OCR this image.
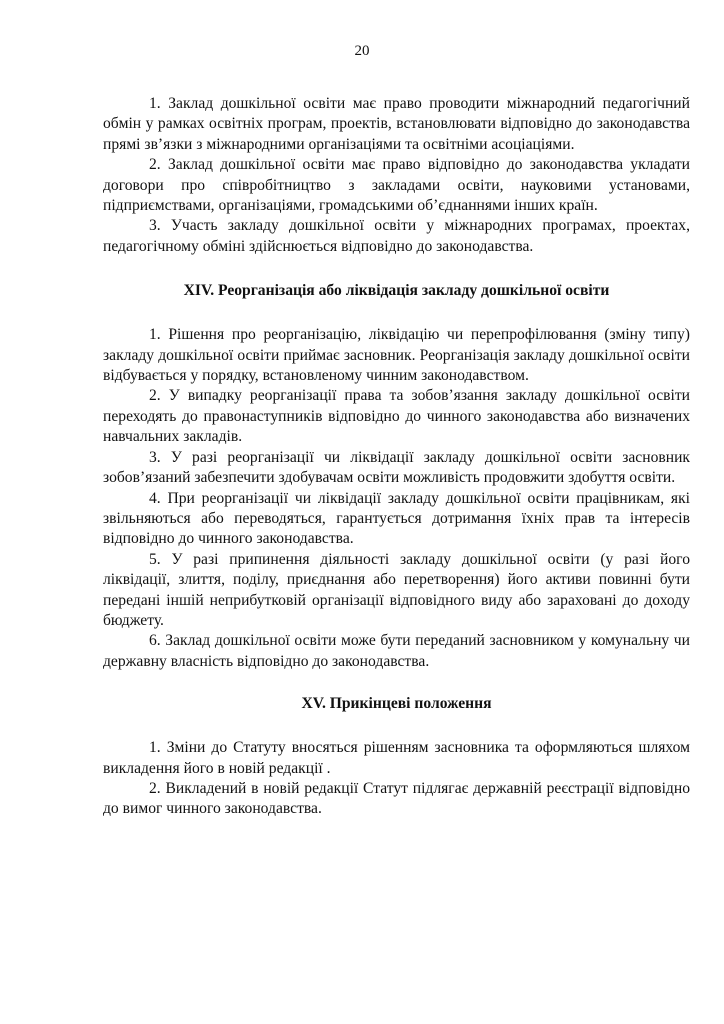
20

1. Заклад дошкільної освіти має право проводити міжнародний педагогічний обмін у рамках освітніх програм, проектів, встановлювати відповідно до законодавства прямі зв’язки з міжнародними організаціями та освітніми асоціаціями.

2. Заклад дошкільної освіти має право відповідно до законодавства укладати договори про співробітництво з закладами освіти, науковими установами, підприємствами, організаціями, громадськими об’єднаннями інших країн.

3. Участь закладу дошкільної освіти у міжнародних програмах, проектах, педагогічному обміні здійснюється відповідно до законодавства.

XIV. Реорганізація або ліквідація закладу дошкільної освіти

1. Рішення про реорганізацію, ліквідацію чи перепрофілювання (зміну типу) закладу дошкільної освіти приймає засновник. Реорганізація закладу дошкільної освіти відбувається у порядку, встановленому чинним законодавством.

2. У випадку реорганізації права та зобов’язання закладу дошкільної освіти переходять до правонаступників відповідно до чинного законодавства або визначених навчальних закладів.

3. У разі реорганізації чи ліквідації закладу дошкільної освіти засновник зобов’язаний забезпечити здобувачам освіти можливість продовжити здобуття освіти.

4. При реорганізації чи ліквідації закладу дошкільної освіти працівникам, які звільняються або переводяться, гарантується дотримання їхніх прав та інтересів відповідно до чинного законодавства.

5. У разі припинення діяльності закладу дошкільної освіти (у разі його ліквідації, злиття, поділу, приєднання або перетворення) його активи повинні бути передані іншій неприбутковій організації відповідного виду або зараховані до доходу бюджету.

6. Заклад дошкільної освіти може бути переданий засновником у комунальну чи державну власність відповідно до законодавства.

XV. Прикінцеві положення

1. Зміни до Статуту вносяться рішенням засновника та оформляються шляхом викладення його в новій редакції .

2. Викладений в новій редакції Статут підлягає державній реєстрації відповідно до вимог чинного законодавства.
